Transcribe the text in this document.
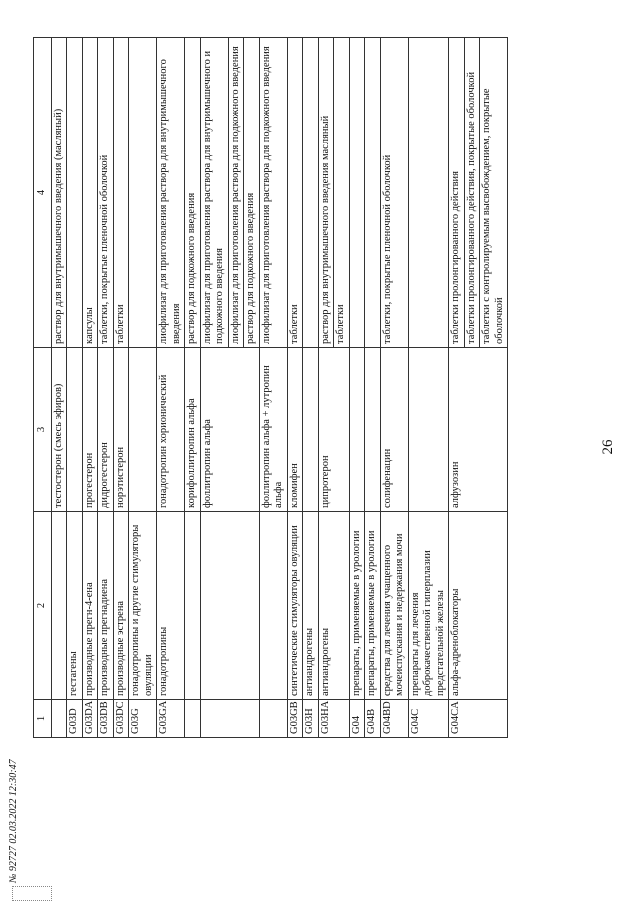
26
1	2	3	4
		тестостерон (смесь эфиров)	раствор для внутримышечного введения (масляный)
G03D	гестагены		
G03DA	производные прегн-4-ена	прогестерон	капсулы
G03DB	производные прегнадиена	дидрогестерон	таблетки, покрытые пленочной оболочкой
G03DC	производные эстрена	норэтистерон	таблетки
G03G	гонадотропины и другие стимуляторы овуляции		
G03GA	гонадотропины	гонадотропин хорионический	лиофилизат для приготовления раствора для внутримышечного введения
		корифоллитропин альфа	раствор для подкожного введения
		фоллитропин альфа	лиофилизат для приготовления раствора для внутримышечного и подкожного введения
			лиофилизат для приготовления раствора для подкожного введения
			раствор для подкожного введения
		фоллитропин альфа + лутропин альфа	лиофилизат для приготовления раствора для подкожного введения
G03GB	синтетические стимуляторы овуляции	кломифен	таблетки
G03H	антиандрогены		
G03HA	антиандрогены	ципротерон	раствор для внутримышечного введения масляный
			таблетки
G04	препараты, применяемые в урологии		
G04B	препараты, применяемые в урологии		
G04BD	средства для лечения учащенного мочеиспускания и недержания мочи	солифенацин	таблетки, покрытые пленочной оболочкой
G04C	препараты для лечения доброкачественной гиперплазии предстательной железы		
G04CA	альфа-адреноблокаторы	алфузозин	таблетки пролонгированного действия
			таблетки пролонгированного действия, покрытые оболочкой
			таблетки с контролируемым высвобождением, покрытые оболочкой
№ 92727 02.03.2022 12:30:47
